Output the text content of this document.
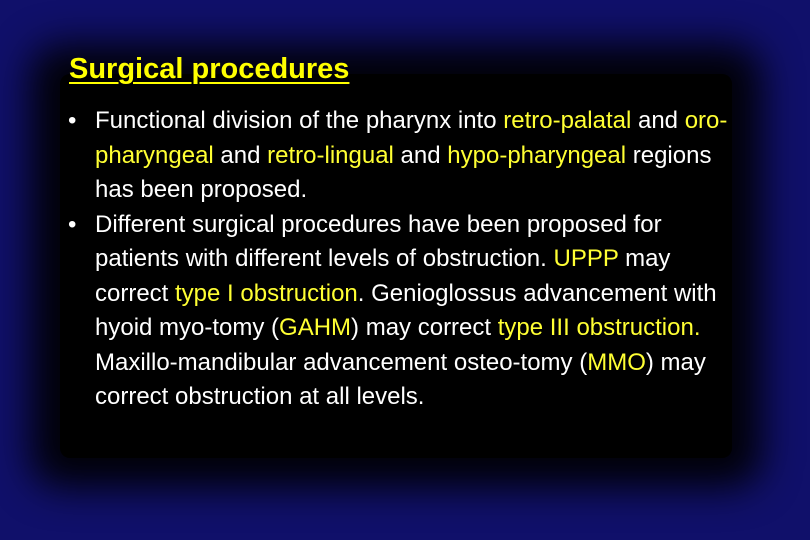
Surgical procedures
• Functional division of the pharynx into retro-palatal and oro-pharyngeal and retro-lingual and hypo-pharyngeal regions has been proposed.
• Different surgical procedures have been proposed for patients with different levels of obstruction. UPPP may correct type I obstruction. Genioglossus advancement with hyoid myo-tomy (GAHM) may correct type III obstruction. Maxillo-mandibular advancement osteo-tomy (MMO) may correct obstruction at all levels.
